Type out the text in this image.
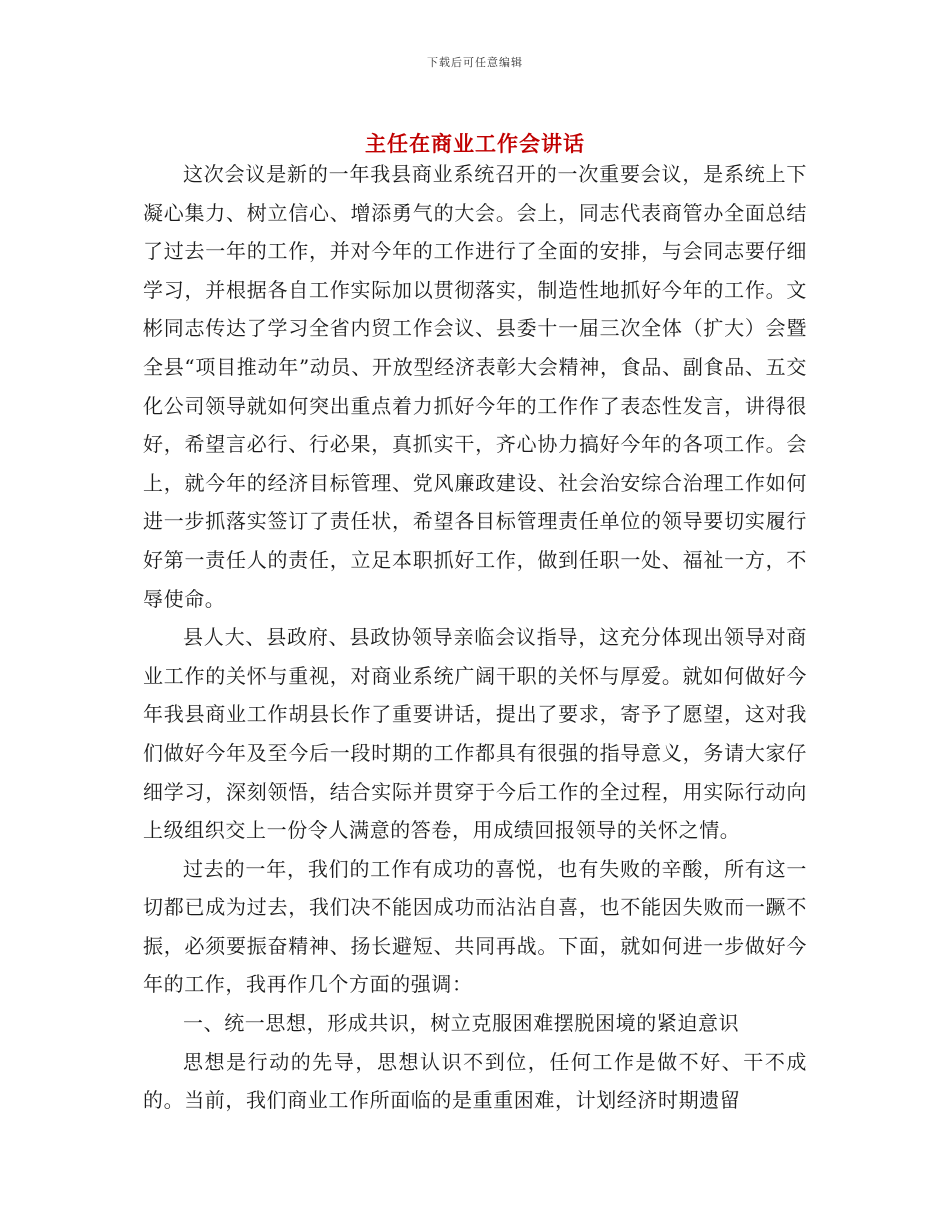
下载后可任意编辑
主任在商业工作会讲话

这次会议是新的一年我县商业系统召开的一次重要会议，是系统上下凝心集力、树立信心、增添勇气的大会。会上，同志代表商管办全面总结了过去一年的工作，并对今年的工作进行了全面的安排，与会同志要仔细学习，并根据各自工作实际加以贯彻落实，制造性地抓好今年的工作。文彬同志传达了学习全省内贸工作会议、县委十一届三次全体（扩大）会暨全县“项目推动年”动员、开放型经济表彰大会精神，食品、副食品、五交化公司领导就如何突出重点着力抓好今年的工作作了表态性发言，讲得很好，希望言必行、行必果，真抓实干，齐心协力搞好今年的各项工作。会上，就今年的经济目标管理、党风廉政建设、社会治安综合治理工作如何进一步抓落实签订了责任状，希望各目标管理责任单位的领导要切实履行好第一责任人的责任，立足本职抓好工作，做到任职一处、福祉一方，不辱使命。

县人大、县政府、县政协领导亲临会议指导，这充分体现出领导对商业工作的关怀与重视，对商业系统广阔干职的关怀与厚爱。就如何做好今年我县商业工作胡县长作了重要讲话，提出了要求，寄予了愿望，这对我们做好今年及至今后一段时期的工作都具有很强的指导意义，务请大家仔细学习，深刻领悟，结合实际并贯穿于今后工作的全过程，用实际行动向上级组织交上一份令人满意的答卷，用成绩回报领导的关怀之情。

过去的一年，我们的工作有成功的喜悦，也有失败的辛酸，所有这一切都已成为过去，我们决不能因成功而沾沾自喜，也不能因失败而一蹶不振，必须要振奋精神、扬长避短、共同再战。下面，就如何进一步做好今年的工作，我再作几个方面的强调：

一、统一思想，形成共识，树立克服困难摆脱困境的紧迫意识

思想是行动的先导，思想认识不到位，任何工作是做不好、干不成的。当前，我们商业工作所面临的是重重困难，计划经济时期遗留
